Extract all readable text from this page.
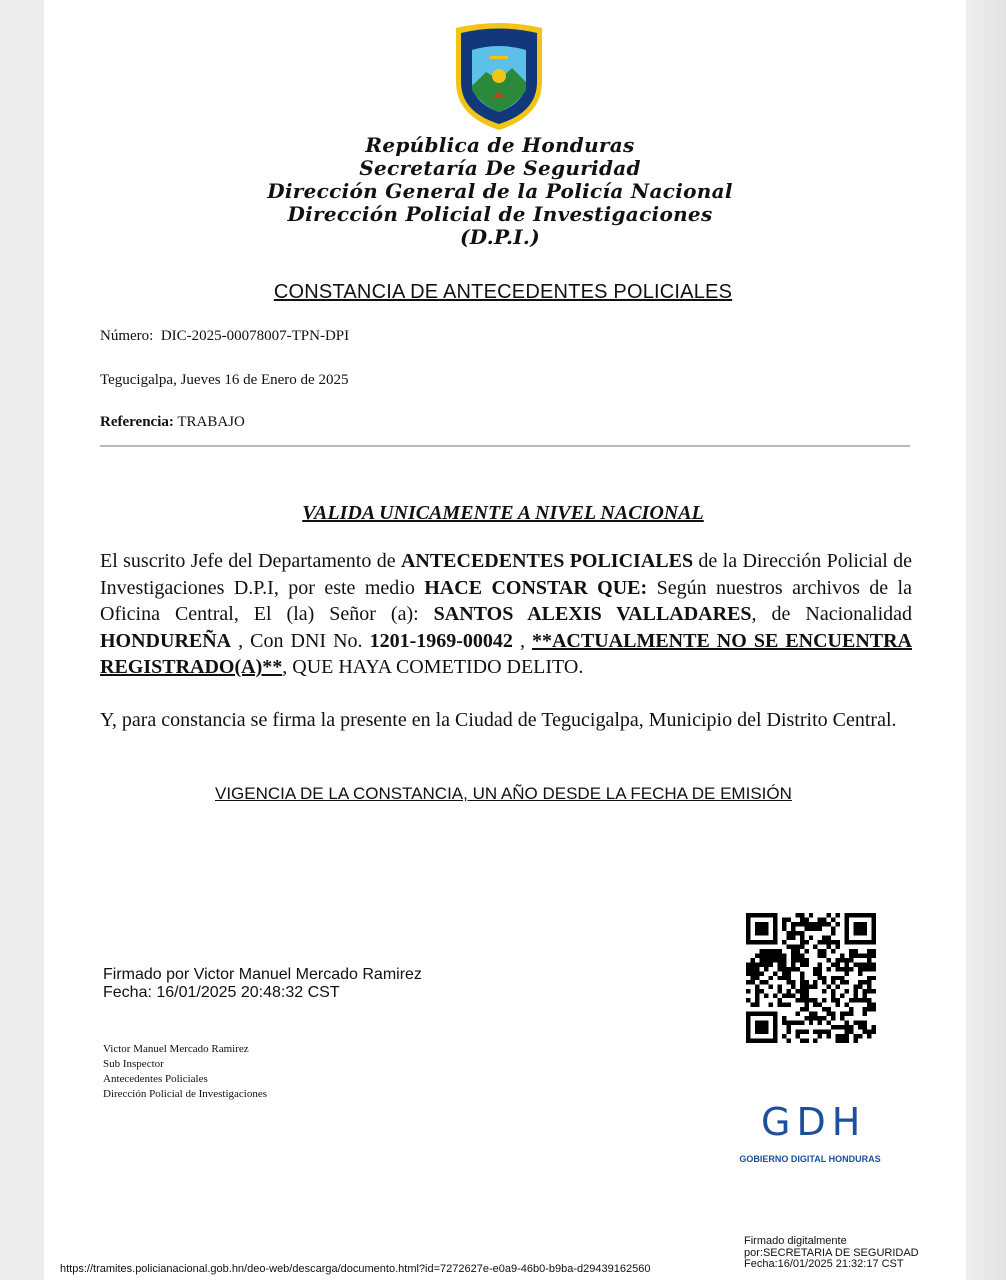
República de Honduras
Secretaría De Seguridad
Dirección General de la Policía Nacional
Dirección Policial de Investigaciones
(D.P.I.)
CONSTANCIA DE ANTECEDENTES POLICIALES
Número: DIC-2025-00078007-TPN-DPI
Tegucigalpa, Jueves 16 de Enero de 2025
Referencia: TRABAJO
VALIDA UNICAMENTE A NIVEL NACIONAL
El suscrito Jefe del Departamento de ANTECEDENTES POLICIALES de la Dirección Policial de Investigaciones D.P.I, por este medio HACE CONSTAR QUE: Según nuestros archivos de la Oficina Central, El (la) Señor (a): SANTOS ALEXIS VALLADARES, de Nacionalidad HONDUREÑA , Con DNI No. 1201-1969-00042 , **ACTUALMENTE NO SE ENCUENTRA REGISTRADO(A)**, QUE HAYA COMETIDO DELITO.
Y, para constancia se firma la presente en la Ciudad de Tegucigalpa, Municipio del Distrito Central.
VIGENCIA DE LA CONSTANCIA, UN AÑO DESDE LA FECHA DE EMISIÓN
Firmado por Victor Manuel Mercado Ramirez
Fecha: 16/01/2025 20:48:32 CST
Victor Manuel Mercado Ramirez
Sub Inspector
Antecedentes Policiales
Dirección Policial de Investigaciones
GDH
GOBIERNO DIGITAL HONDURAS
Firmado digitalmente
por:SECRETARIA DE SEGURIDAD
Fecha:16/01/2025 21:32:17 CST
https://tramites.policianacional.gob.hn/deo-web/descarga/documento.html?id=7272627e-e0a9-46b0-b9ba-d29439162560
